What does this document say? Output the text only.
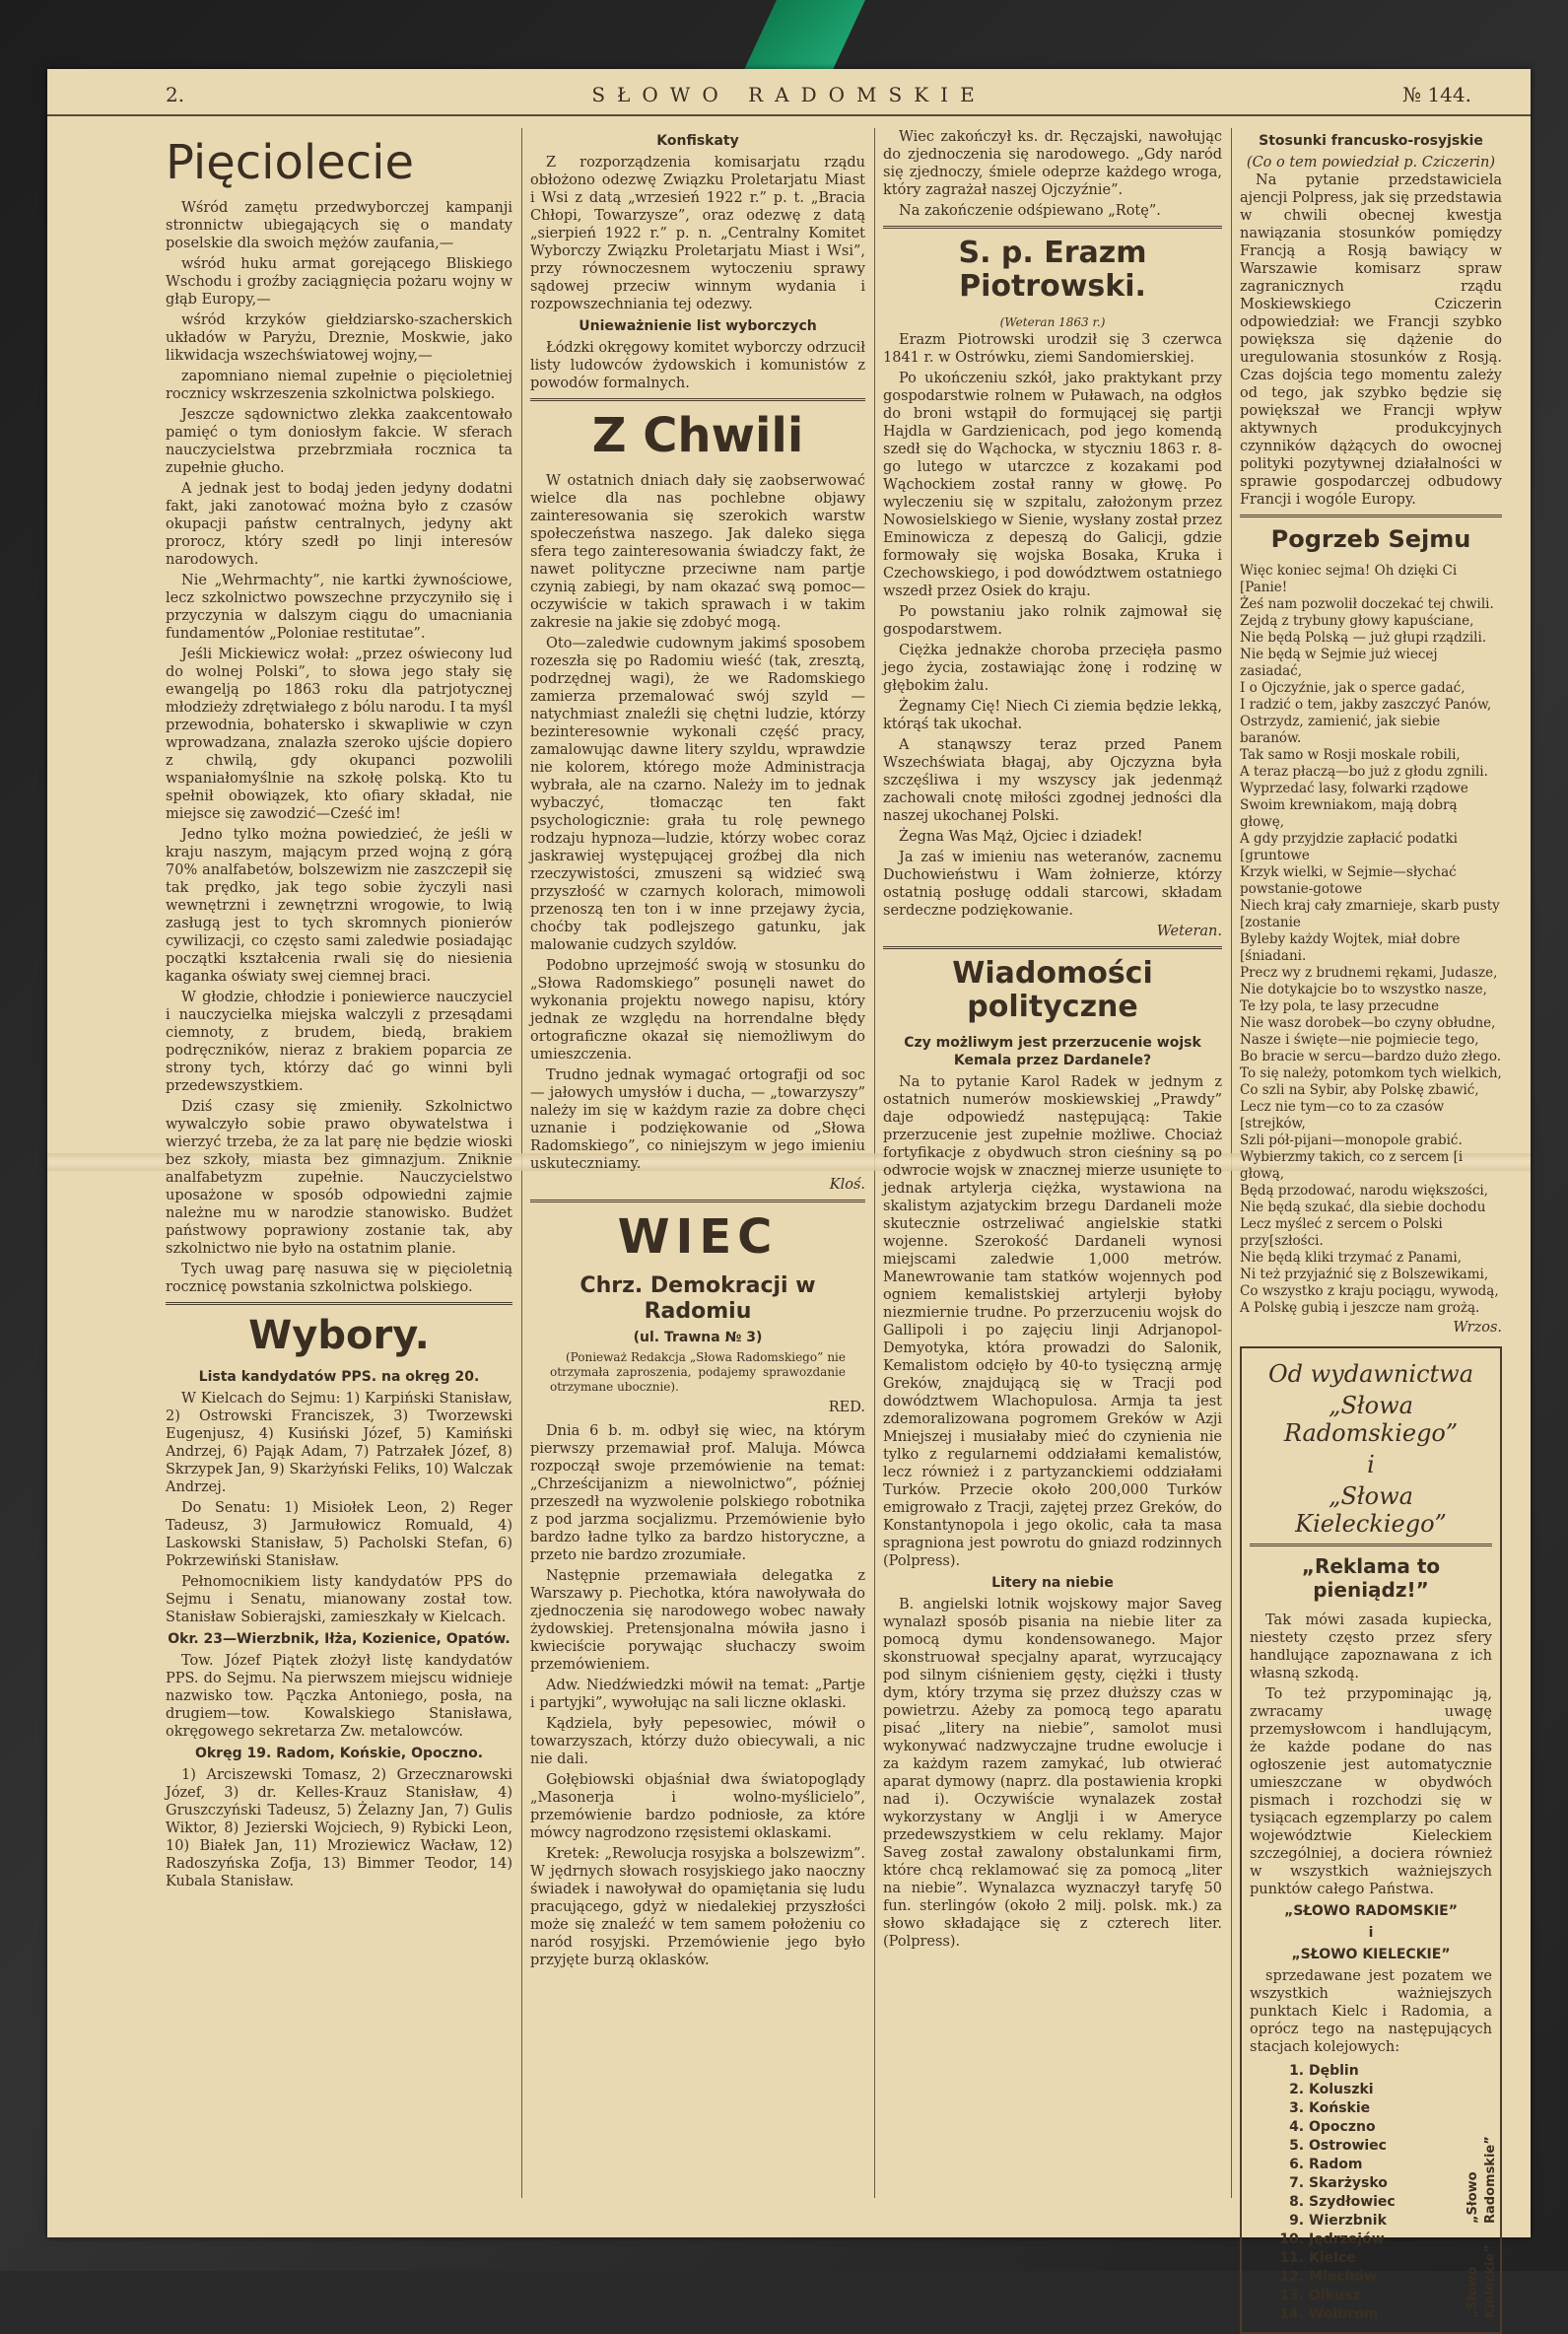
2.	SŁOWO RADOMSKIE	№ 144.
Pięciolecie

Wśród zamętu przedwyborczej kampanji stronnictw ubiegających się o mandaty poselskie dla swoich mężów zaufania,—

wśród huku armat gorejącego Bliskiego Wschodu i groźby zaciągnięcia pożaru wojny w głąb Europy,—

wśród krzyków giełdziarsko-szacherskich układów w Paryżu, Dreznie, Moskwie, jako likwidacja wszechświatowej wojny,—

zapomniano niemal zupełnie o pięcioletniej rocznicy wskrzeszenia szkolnictwa polskiego.

Jeszcze sądownictwo zlekka zaakcentowało pamięć o tym doniosłym fakcie. W sferach nauczycielstwa przebrzmiała rocznica ta zupełnie głucho.

A jednak jest to bodaj jeden jedyny dodatni fakt, jaki zanotować można było z czasów okupacji państw centralnych, jedyny akt prorocz, który szedł po linji interesów narodowych.

Nie „Wehrmachty”, nie kartki żywnościowe, lecz szkolnictwo powszechne przyczyniło się i przyczynia w dalszym ciągu do umacniania fundamentów „Poloniae restitutae”.

Jeśli Mickiewicz wołał: „przez oświecony lud do wolnej Polski”, to słowa jego stały się ewangelją po 1863 roku dla patrjotycznej młodzieży zdrętwiałego z bólu narodu. I ta myśl przewodnia, bohatersko i skwapliwie w czyn wprowadzana, znalazła szeroko ujście dopiero z chwilą, gdy okupanci pozwolili wspaniałomyślnie na szkołę polską. Kto tu spełnił obowiązek, kto ofiary składał, nie miejsce się zawodzić—Cześć im!

Jedno tylko można powiedzieć, że jeśli w kraju naszym, mającym przed wojną z górą 70% analfabetów, bolszewizm nie zaszczepił się tak prędko, jak tego sobie życzyli nasi wewnętrzni i zewnętrzni wrogowie, to lwią zasługą jest to tych skromnych pionierów cywilizacji, co często sami zaledwie posiadając początki kształcenia rwali się do niesienia kaganka oświaty swej ciemnej braci.

W głodzie, chłodzie i poniewierce nauczyciel i nauczycielka miejska walczyli z przesądami ciemnoty, z brudem, biedą, brakiem podręczników, nieraz z brakiem poparcia ze strony tych, którzy dać go winni byli przedewszystkiem.

Dziś czasy się zmieniły. Szkolnictwo wywalczyło sobie prawo obywatelstwa i wierzyć trzeba, że za lat parę nie będzie wioski bez szkoły, miasta bez gimnazjum. Zniknie analfabetyzm zupełnie. Nauczycielstwo uposażone w sposób odpowiedni zajmie należne mu w narodzie stanowisko. Budżet państwowy poprawiony zostanie tak, aby szkolnictwo nie było na ostatnim planie.

Tych uwag parę nasuwa się w pięcioletnią rocznicę powstania szkolnictwa polskiego.

Wybory.
Lista kandydatów PPS. na okręg 20.

W Kielcach do Sejmu: 1) Karpiński Stanisław, 2) Ostrowski Franciszek, 3) Tworzewski Eugenjusz, 4) Kusiński Józef, 5) Kamiński Andrzej, 6) Pająk Adam, 7) Patrzałek Józef, 8) Skrzypek Jan, 9) Skarżyński Feliks, 10) Walczak Andrzej.

Do Senatu: 1) Misiołek Leon, 2) Reger Tadeusz, 3) Jarmułowicz Romuald, 4) Laskowski Stanisław, 5) Pacholski Stefan, 6) Pokrzewiński Stanisław.

Pełnomocnikiem listy kandydatów PPS do Sejmu i Senatu, mianowany został tow. Stanisław Sobierajski, zamieszkały w Kielcach.

Okr. 23—Wierzbnik, Iłża, Kozienice, Opatów.

Tow. Józef Piątek złożył listę kandydatów PPS. do Sejmu. Na pierwszem miejscu widnieje nazwisko tow. Pączka Antoniego, posła, na drugiem—tow. Kowalskiego Stanisława, okręgowego sekretarza Zw. metalowców.

Okręg 19. Radom, Końskie, Opoczno.

1) Arciszewski Tomasz, 2) Grzecznarowski Józef, 3) dr. Kelles-Krauz Stanisław, 4) Gruszczyński Tadeusz, 5) Żelazny Jan, 7) Gulis Wiktor, 8) Jezierski Wojciech, 9) Rybicki Leon, 10) Białek Jan, 11) Mroziewicz Wacław, 12) Radoszyńska Zofja, 13) Bimmer Teodor, 14) Kubala Stanisław.

Konfiskaty

Z rozporządzenia komisarjatu rządu obłożono odezwę Związku Proletarjatu Miast i Wsi z datą „wrzesień 1922 r.” p. t. „Bracia Chłopi, Towarzysze”, oraz odezwę z datą „sierpień 1922 r.” p. n. „Centralny Komitet Wyborczy Związku Proletarjatu Miast i Wsi”, przy równoczesnem wytoczeniu sprawy sądowej przeciw winnym wydania i rozpowszechniania tej odezwy.

Unieważnienie list wyborczych

Łódzki okręgowy komitet wyborczy odrzucił listy ludowców żydowskich i komunistów z powodów formalnych.

Z Chwili

W ostatnich dniach dały się zaobserwować wielce dla nas pochlebne objawy zainteresowania się szerokich warstw społeczeństwa naszego. Jak daleko sięga sfera tego zainteresowania świadczy fakt, że nawet polityczne przeciwne nam partje czynią zabiegi, by nam okazać swą pomoc—oczywiście w takich sprawach i w takim zakresie na jakie się zdobyć mogą.

Oto—zaledwie cudownym jakimś sposobem rozeszła się po Radomiu wieść (tak, zresztą, podrzędnej wagi), że we Radomskiego zamierza przemalować swój szyld — natychmiast znaleźli się chętni ludzie, którzy bezinteresownie wykonali część pracy, zamalowując dawne litery szyldu, wprawdzie nie kolorem, którego może Administracja wybrała, ale na czarno. Należy im to jednak wybaczyć, tłomacząc ten fakt psychologicznie: grała tu rolę pewnego rodzaju hypnoza—ludzie, którzy wobec coraz jaskrawiej występującej groźbej dla nich rzeczywistości, zmuszeni są widzieć swą przyszłość w czarnych kolorach, mimowoli przenoszą ten ton i w inne przejawy życia, choćby tak podlejszego gatunku, jak malowanie cudzych szyldów.

Podobno uprzejmość swoją w stosunku do „Słowa Radomskiego” posunęli nawet do wykonania projektu nowego napisu, który jednak ze względu na horrendalne błędy ortograficzne okazał się niemożliwym do umieszczenia.

Trudno jednak wymagać ortografji od soc — jałowych umysłów i ducha, — „towarzyszy” należy im się w każdym razie za dobre chęci uznanie i podziękowanie od „Słowa Radomskiego”, co niniejszym w jego imieniu uskuteczniamy.

Kloś.
WIEC
Chrz. Demokracji w Radomiu
(ul. Trawna № 3)

(Ponieważ Redakcja „Słowa Radomskiego” nie otrzymała zaproszenia, podajemy sprawozdanie otrzymane ubocznie).

RED.

Dnia 6 b. m. odbył się wiec, na którym pierwszy przemawiał prof. Maluja. Mówca rozpoczął swoje przemówienie na temat: „Chrześcijanizm a niewolnictwo”, później przeszedł na wyzwolenie polskiego robotnika z pod jarzma socjalizmu. Przemówienie było bardzo ładne tylko za bardzo historyczne, a przeto nie bardzo zrozumiałe.

Następnie przemawiała delegatka z Warszawy p. Piechotka, która nawoływała do zjednoczenia się narodowego wobec nawały żydowskiej. Pretensjonalna mówiła jasno i kwieciście porywając słuchaczy swoim przemówieniem.

Adw. Niedźwiedzki mówił na temat: „Partje i partyjki”, wywołując na sali liczne oklaski.

Kądziela, były pepesowiec, mówił o towarzyszach, którzy dużo obiecywali, a nic nie dali.

Gołębiowski objaśniał dwa światopoglądy „Masonerja i wolno-myślicielo”, przemówienie bardzo podniosłe, za które mówcy nagrodzono rzęsistemi oklaskami.

Kretek: „Rewolucja rosyjska a bolszewizm”. W jędrnych słowach rosyjskiego jako naoczny świadek i nawoływał do opamiętania się ludu pracującego, gdyż w niedalekiej przyszłości może się znaleźć w tem samem położeniu co naród rosyjski. Przemówienie jego było przyjęte burzą oklasków.

Wiec zakończył ks. dr. Ręczajski, nawołując do zjednoczenia się narodowego. „Gdy naród się zjednoczy, śmiele odeprze każdego wroga, który zagrażał naszej Ojczyźnie”.

Na zakończenie odśpiewano „Rotę”.

S. p. Erazm Piotrowski.
(Weteran 1863 r.)

Erazm Piotrowski urodził się 3 czerwca 1841 r. w Ostrówku, ziemi Sandomierskiej.

Po ukończeniu szkół, jako praktykant przy gospodarstwie rolnem w Puławach, na odgłos do broni wstąpił do formującej się partji Hajdla w Gardzienicach, pod jego komendą szedł się do Wąchocka, w styczniu 1863 r. 8-go lutego w utarczce z kozakami pod Wąchockiem został ranny w głowę. Po wyleczeniu się w szpitalu, założonym przez Nowosielskiego w Sienie, wysłany został przez Eminowicza z depeszą do Galicji, gdzie formowały się wojska Bosaka, Kruka i Czechowskiego, i pod dowództwem ostatniego wszedł przez Osiek do kraju.

Po powstaniu jako rolnik zajmował się gospodarstwem.

Ciężka jednakże choroba przecięła pasmo jego życia, zostawiając żonę i rodzinę w głębokim żalu.

Żegnamy Cię! Niech Ci ziemia będzie lekką, którąś tak ukochał.

A stanąwszy teraz przed Panem Wszechświata błagaj, aby Ojczyzna była szczęśliwa i my wszyscy jak jedenmąż zachowali cnotę miłości zgodnej jedności dla naszej ukochanej Polski.

Żegna Was Mąż, Ojciec i dziadek!

Ja zaś w imieniu nas weteranów, zacnemu Duchowieństwu i Wam żołnierze, którzy ostatnią posługę oddali starcowi, składam serdeczne podziękowanie.

Weteran.
Wiadomości polityczne
Czy możliwym jest przerzucenie wojsk Kemala przez Dardanele?

Na to pytanie Karol Radek w jednym z ostatnich numerów moskiewskiej „Prawdy” daje odpowiedź następującą: Takie przerzucenie jest zupełnie możliwe. Chociaż fortyfikacje z obydwuch stron cieśniny są po odwrocie wojsk w znacznej mierze usunięte to jednak artylerja ciężka, wystawiona na skalistym azjatyckim brzegu Dardaneli może skutecznie ostrzeliwać angielskie statki wojenne. Szerokość Dardaneli wynosi miejscami zaledwie 1,000 metrów. Manewrowanie tam statków wojennych pod ogniem kemalistskiej artylerji byłoby niezmiernie trudne. Po przerzuceniu wojsk do Gallipoli i po zajęciu linji Adrjanopol-Demyotyka, która prowadzi do Salonik, Kemalistom odcięło by 40-to tysięczną armję Greków, znajdującą się w Tracji pod dowództwem Wlachopulosa. Armja ta jest zdemoralizowana pogromem Greków w Azji Mniejszej i musiałaby mieć do czynienia nie tylko z regularnemi oddziałami kemalistów, lecz również i z partyzanckiemi oddziałami Turków. Przecie około 200,000 Turków emigrowało z Tracji, zajętej przez Greków, do Konstantynopola i jego okolic, cała ta masa spragniona jest powrotu do gniazd rodzinnych (Polpress).

Litery na niebie

B. angielski lotnik wojskowy major Saveg wynalazł sposób pisania na niebie liter za pomocą dymu kondensowanego. Major skonstruował specjalny aparat, wyrzucający pod silnym ciśnieniem gęsty, ciężki i tłusty dym, który trzyma się przez dłuższy czas w powietrzu. Ażeby za pomocą tego aparatu pisać „litery na niebie”, samolot musi wykonywać nadzwyczajne trudne ewolucje i za każdym razem zamykać, lub otwierać aparat dymowy (naprz. dla postawienia kropki nad i). Oczywiście wynalazek został wykorzystany w Anglji i w Ameryce przedewszystkiem w celu reklamy. Major Saveg został zawalony obstalunkami firm, które chcą reklamować się za pomocą „liter na niebie”. Wynalazca wyznaczył taryfę 50 fun. sterlingów (około 2 milj. polsk. mk.) za słowo składające się z czterech liter. (Polpress).

Stosunki francusko-rosyjskie
(Co o tem powiedział p. Cziczerin)

Na pytanie przedstawiciela ajencji Polpress, jak się przedstawia w chwili obecnej kwestja nawiązania stosunków pomiędzy Francją a Rosją bawiący w Warszawie komisarz spraw zagranicznych rządu Moskiewskiego Cziczerin odpowiedział: we Francji szybko powiększa się dążenie do uregulowania stosunków z Rosją. Czas dojścia tego momentu zależy od tego, jak szybko będzie się powiększał we Francji wpływ aktywnych produkcyjnych czynników dążących do owocnej polityki pozytywnej działalności w sprawie gospodarczej odbudowy Francji i wogóle Europy.

Pogrzeb Sejmu
Więc koniec sejma! Oh dzięki Ci [Panie!
Żeś nam pozwolił doczekać tej chwili.
Zejdą z trybuny głowy kapuściane,
Nie będą Polską — już głupi rządzili.
Nie będą w Sejmie już wiecej zasiadać,
I o Ojczyźnie, jak o sperce gadać,
I radzić o tem, jakby zaszczyć Panów,
Ostrzydz, zamienić, jak siebie baranów.
Tak samo w Rosji moskale robili,
A teraz płaczą—bo już z głodu zgnili.
Wyprzedać lasy, folwarki rządowe
Swoim krewniakom, mają dobrą głowę,
A gdy przyjdzie zapłacić podatki [gruntowe
Krzyk wielki, w Sejmie—słychać powstanie-gotowe
Niech kraj cały zmarnieje, skarb pusty [zostanie
Byleby każdy Wojtek, miał dobre [śniadani.
Precz wy z brudnemi rękami, Judasze,
Nie dotykajcie bo to wszystko nasze,
Te łzy pola, te lasy przecudne
Nie wasz dorobek—bo czyny obłudne,
Nasze i święte—nie pojmiecie tego,
Bo bracie w sercu—bardzo dużo złego.
To się należy, potomkom tych wielkich,
Co szli na Sybir, aby Polskę zbawić,
Lecz nie tym—co to za czasów [strejków,
Szli pół-pijani—monopole grabić.
Wybierzmy takich, co z sercem [i głową,
Będą przodować, narodu większości,
Nie będą szukać, dla siebie dochodu
Lecz myśleć z sercem o Polski przy[szłości.
Nie będą kliki trzymać z Panami,
Ni też przyjaźnić się z Bolszewikami,
Co wszystko z kraju pociągu, wywodą,
A Polskę gubią i jeszcze nam grożą.
Wrzos.
Od wydawnictwa
„Słowa Radomskiego”
i
„Słowa Kieleckiego”
„Reklama to pieniądz!”

Tak mówi zasada kupiecka, niestety często przez sfery handlujące zapoznawana z ich własną szkodą.

To też przypominając ją, zwracamy uwagę przemysłowcom i handlującym, że każde podane do nas ogłoszenie jest automatycznie umieszczane w obydwóch pismach i rozchodzi się w tysiącach egzemplarzy po calem województwie Kieleckiem szczególniej, a dociera również w wszystkich ważniejszych punktów całego Państwa.

„SŁOWO RADOMSKIE”
i
„SŁOWO KIELECKIE”

sprzedawane jest pozatem we wszystkich ważniejszych punktach Kielc i Radomia, a oprócz tego na następujących stacjach kolejowych:

1. Dęblin
2. Koluszki
3. Końskie
4. Opoczno
5. Ostrowiec
6. Radom
7. Skarżysko
8. Szydłowiec
9. Wierzbnik
10. Jędrzejów
11. Kielce
12. Miechów
13. Olkusz
14. Wolbrom
„Słowo Radomskie”
„Słowo Kieleckie”
